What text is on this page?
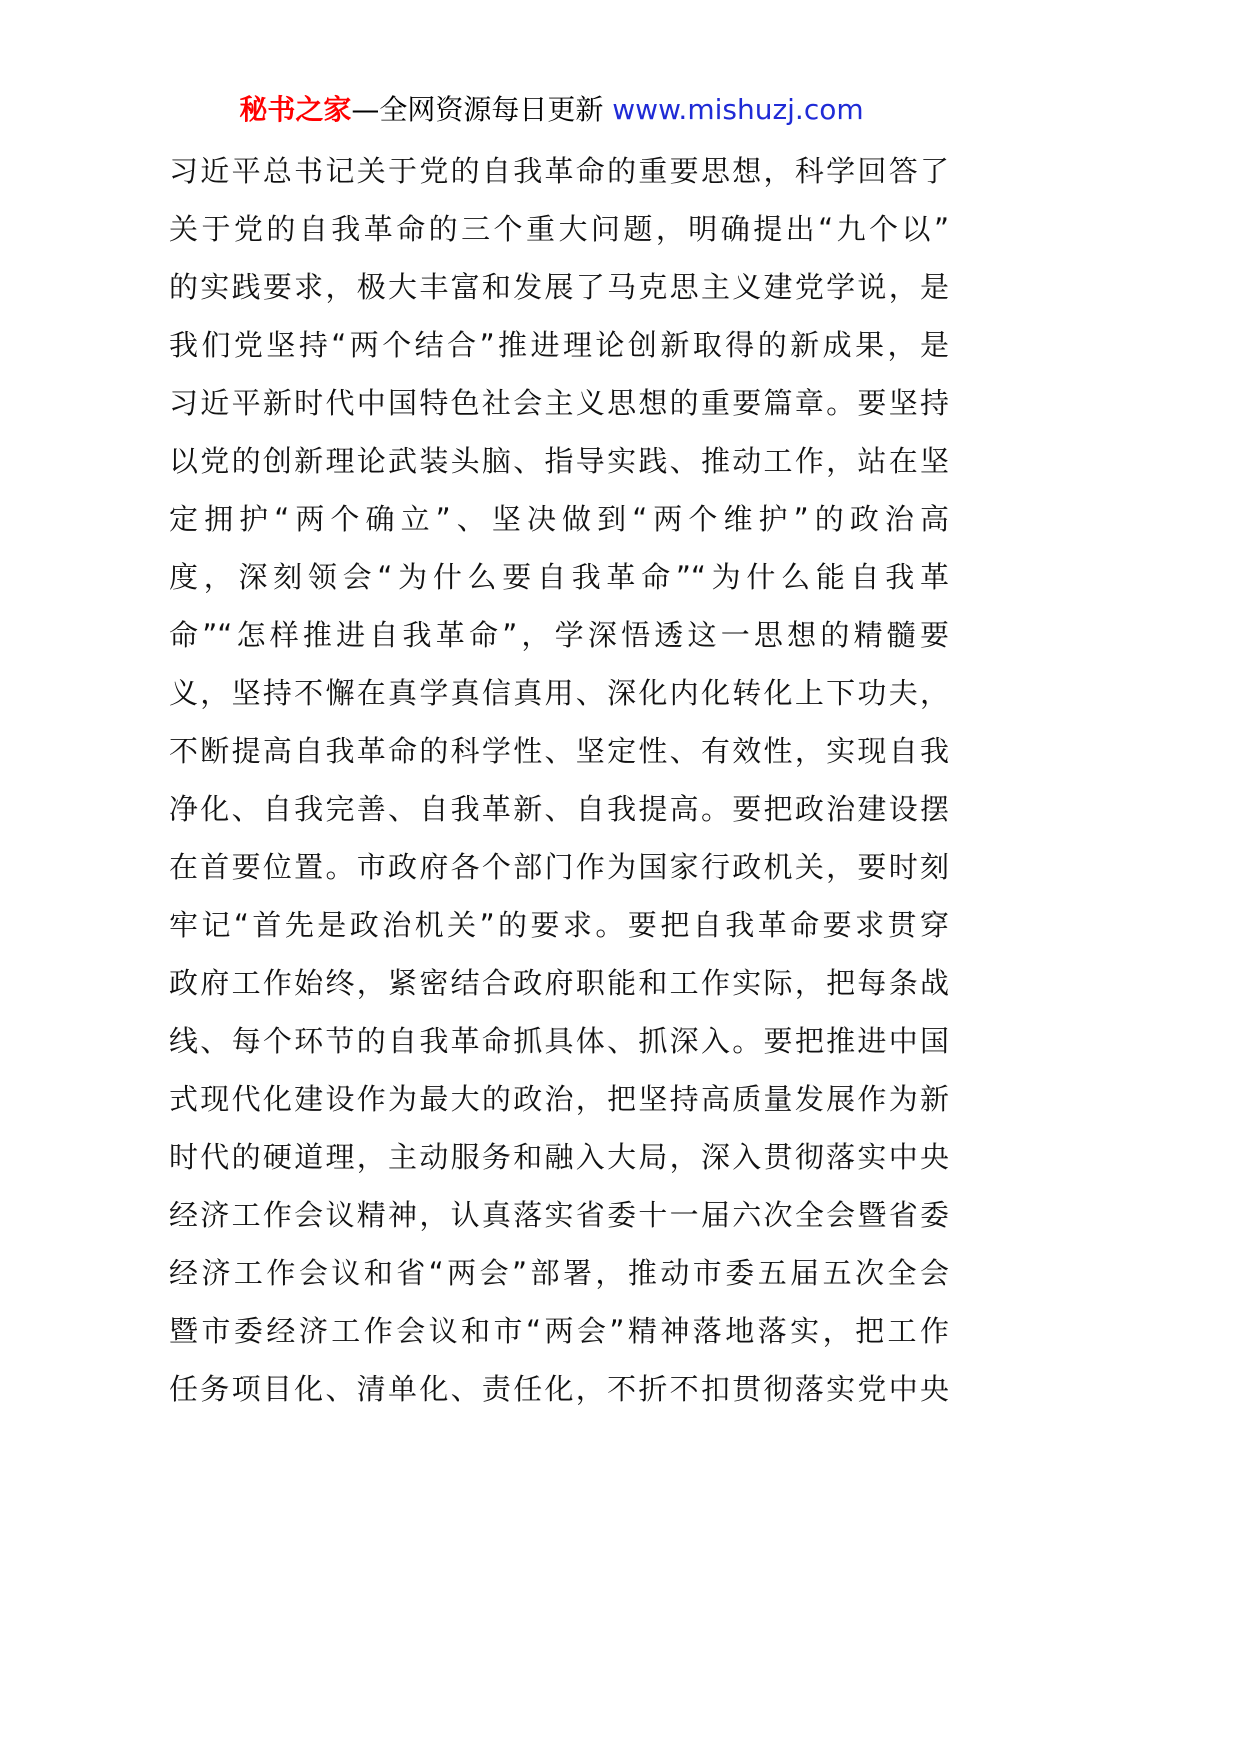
秘书之家—全网资源每日更新 www.mishuzj.com
习近平总书记关于党的自我革命的重要思想，科学回答了
关于党的自我革命的三个重大问题，明确提出“九个以”
的实践要求，极大丰富和发展了马克思主义建党学说，是
我们党坚持“两个结合”推进理论创新取得的新成果，是
习近平新时代中国特色社会主义思想的重要篇章。要坚持
以党的创新理论武装头脑、指导实践、推动工作，站在坚
定拥护“两个确立”、坚决做到“两个维护”的政治高
度，深刻领会“为什么要自我革命”“为什么能自我革
命”“怎样推进自我革命”，学深悟透这一思想的精髓要
义，坚持不懈在真学真信真用、深化内化转化上下功夫，
不断提高自我革命的科学性、坚定性、有效性，实现自我
净化、自我完善、自我革新、自我提高。要把政治建设摆
在首要位置。市政府各个部门作为国家行政机关，要时刻
牢记“首先是政治机关”的要求。要把自我革命要求贯穿
政府工作始终，紧密结合政府职能和工作实际，把每条战
线、每个环节的自我革命抓具体、抓深入。要把推进中国
式现代化建设作为最大的政治，把坚持高质量发展作为新
时代的硬道理，主动服务和融入大局，深入贯彻落实中央
经济工作会议精神，认真落实省委十一届六次全会暨省委
经济工作会议和省“两会”部署，推动市委五届五次全会
暨市委经济工作会议和市“两会”精神落地落实，把工作
任务项目化、清单化、责任化，不折不扣贯彻落实党中央
